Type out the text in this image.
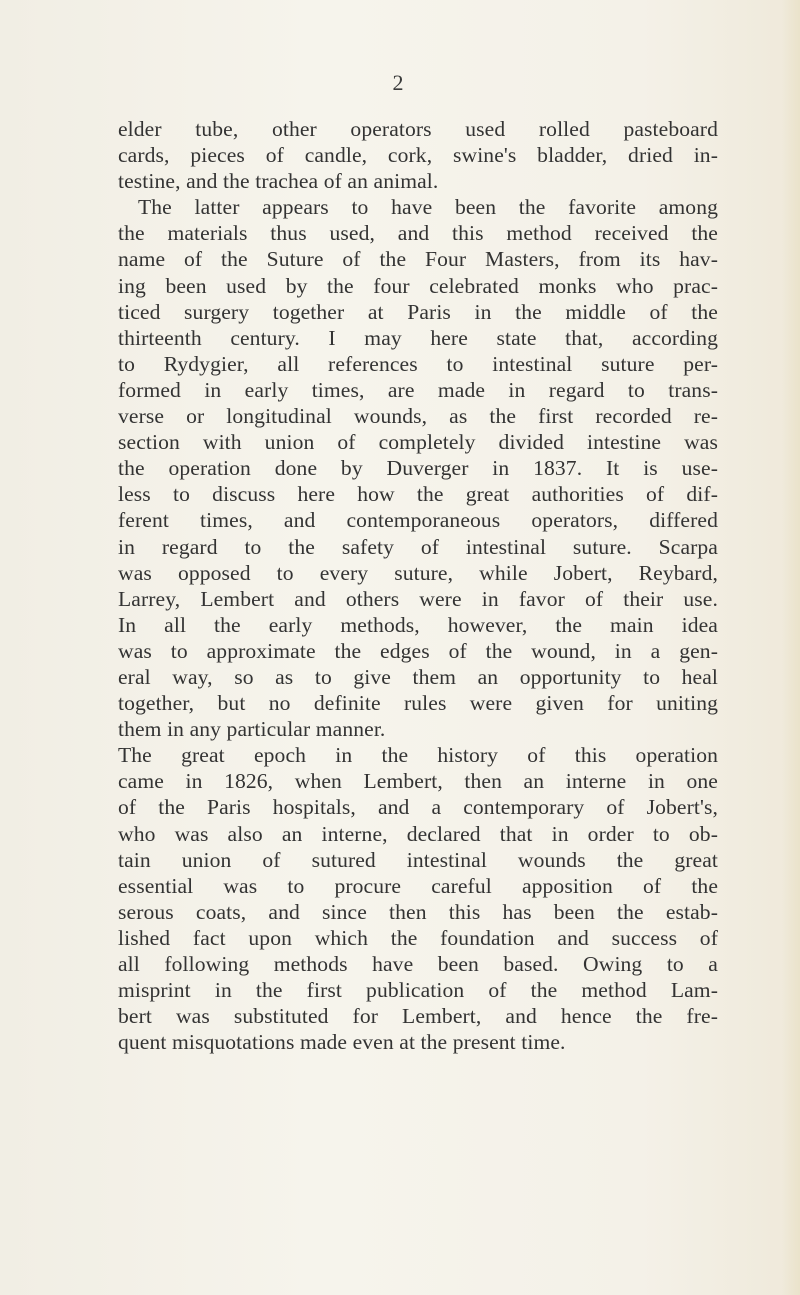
2
elder tube, other operators used rolled pasteboard
cards, pieces of candle, cork, swine's bladder, dried in-
testine, and the trachea of an animal.
The latter appears to have been the favorite among
the materials thus used, and this method received the
name of the Suture of the Four Masters, from its hav-
ing been used by the four celebrated monks who prac-
ticed surgery together at Paris in the middle of the
thirteenth century. I may here state that, according
to Rydygier, all references to intestinal suture per-
formed in early times, are made in regard to trans-
verse or longitudinal wounds, as the first recorded re-
section with union of completely divided intestine was
the operation done by Duverger in 1837. It is use-
less to discuss here how the great authorities of dif-
ferent times, and contemporaneous operators, differed
in regard to the safety of intestinal suture. Scarpa
was opposed to every suture, while Jobert, Reybard,
Larrey, Lembert and others were in favor of their use.
In all the early methods, however, the main idea
was to approximate the edges of the wound, in a gen-
eral way, so as to give them an opportunity to heal
together, but no definite rules were given for uniting
them in any particular manner.
The great epoch in the history of this operation
came in 1826, when Lembert, then an interne in one
of the Paris hospitals, and a contemporary of Jobert's,
who was also an interne, declared that in order to ob-
tain union of sutured intestinal wounds the great
essential was to procure careful apposition of the
serous coats, and since then this has been the estab-
lished fact upon which the foundation and success of
all following methods have been based. Owing to a
misprint in the first publication of the method Lam-
bert was substituted for Lembert, and hence the fre-
quent misquotations made even at the present time.
